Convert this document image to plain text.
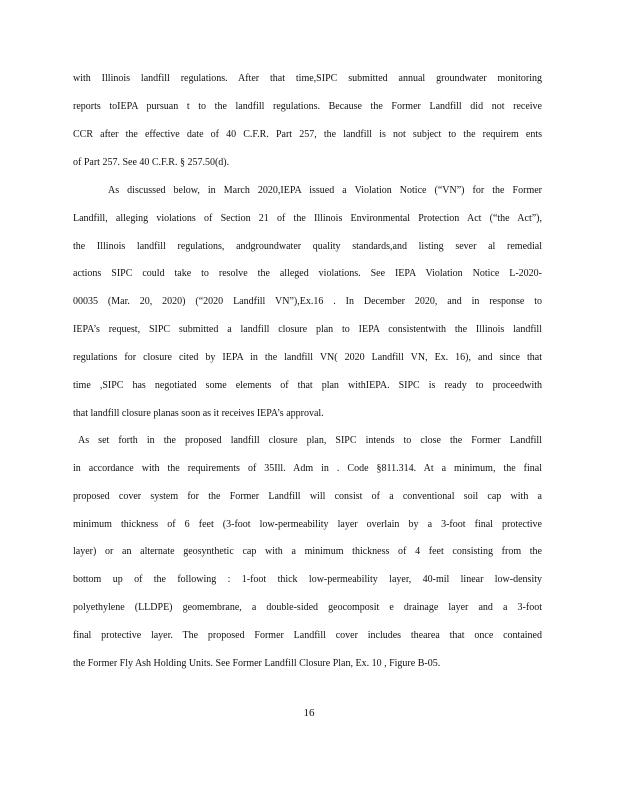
with Illinois landfill regulations. After that time,SIPC submitted annual groundwater monitoring
reports toIEPA pursuan t to the landfill regulations. Because the Former Landfill did not receive
CCR after the effective date of 40 C.F.R. Part 257, the landfill is not subject to the requirem ents
of Part 257. See 40 C.F.R. § 257.50(d).
As discussed below, in March 2020,IEPA issued a Violation Notice (“VN”) for the Former
Landfill, alleging violations of Section 21 of the Illinois Environmental Protection Act (“the Act”),
the Illinois landfill regulations, andgroundwater quality standards,and listing sever al remedial
actions SIPC could take to resolve the alleged violations. See IEPA Violation Notice L-2020-
00035 (Mar. 20, 2020) (“2020 Landfill VN”),Ex.16 . In December 2020, and in response to
IEPA’s request, SIPC submitted a landfill closure plan to IEPA consistentwith the Illinois landfill
regulations for closure cited by IEPA in the landfill VN( 2020 Landfill VN, Ex. 16), and since that
time ,SIPC has negotiated some elements of that plan withIEPA. SIPC is ready to proceedwith
that landfill closure planas soon as it receives IEPA’s approval.
As set forth in the proposed landfill closure plan, SIPC intends to close the Former Landfill
in accordance with the requirements of 35Ill. Adm in . Code §811.314. At a minimum, the final
proposed cover system for the Former Landfill will consist of a conventional soil cap with a
minimum thickness of 6 feet (3-foot low-permeability layer overlain by a 3-foot final protective
layer) or an alternate geosynthetic cap with a minimum thickness of 4 feet consisting from the
bottom up of the following : 1-foot thick low-permeability layer, 40-mil linear low-density
polyethylene (LLDPE) geomembrane, a double-sided geocomposit e drainage layer and a 3-foot
final protective layer. The proposed Former Landfill cover includes thearea that once contained
the Former Fly Ash Holding Units. See Former Landfill Closure Plan, Ex. 10 , Figure B-05.
16
